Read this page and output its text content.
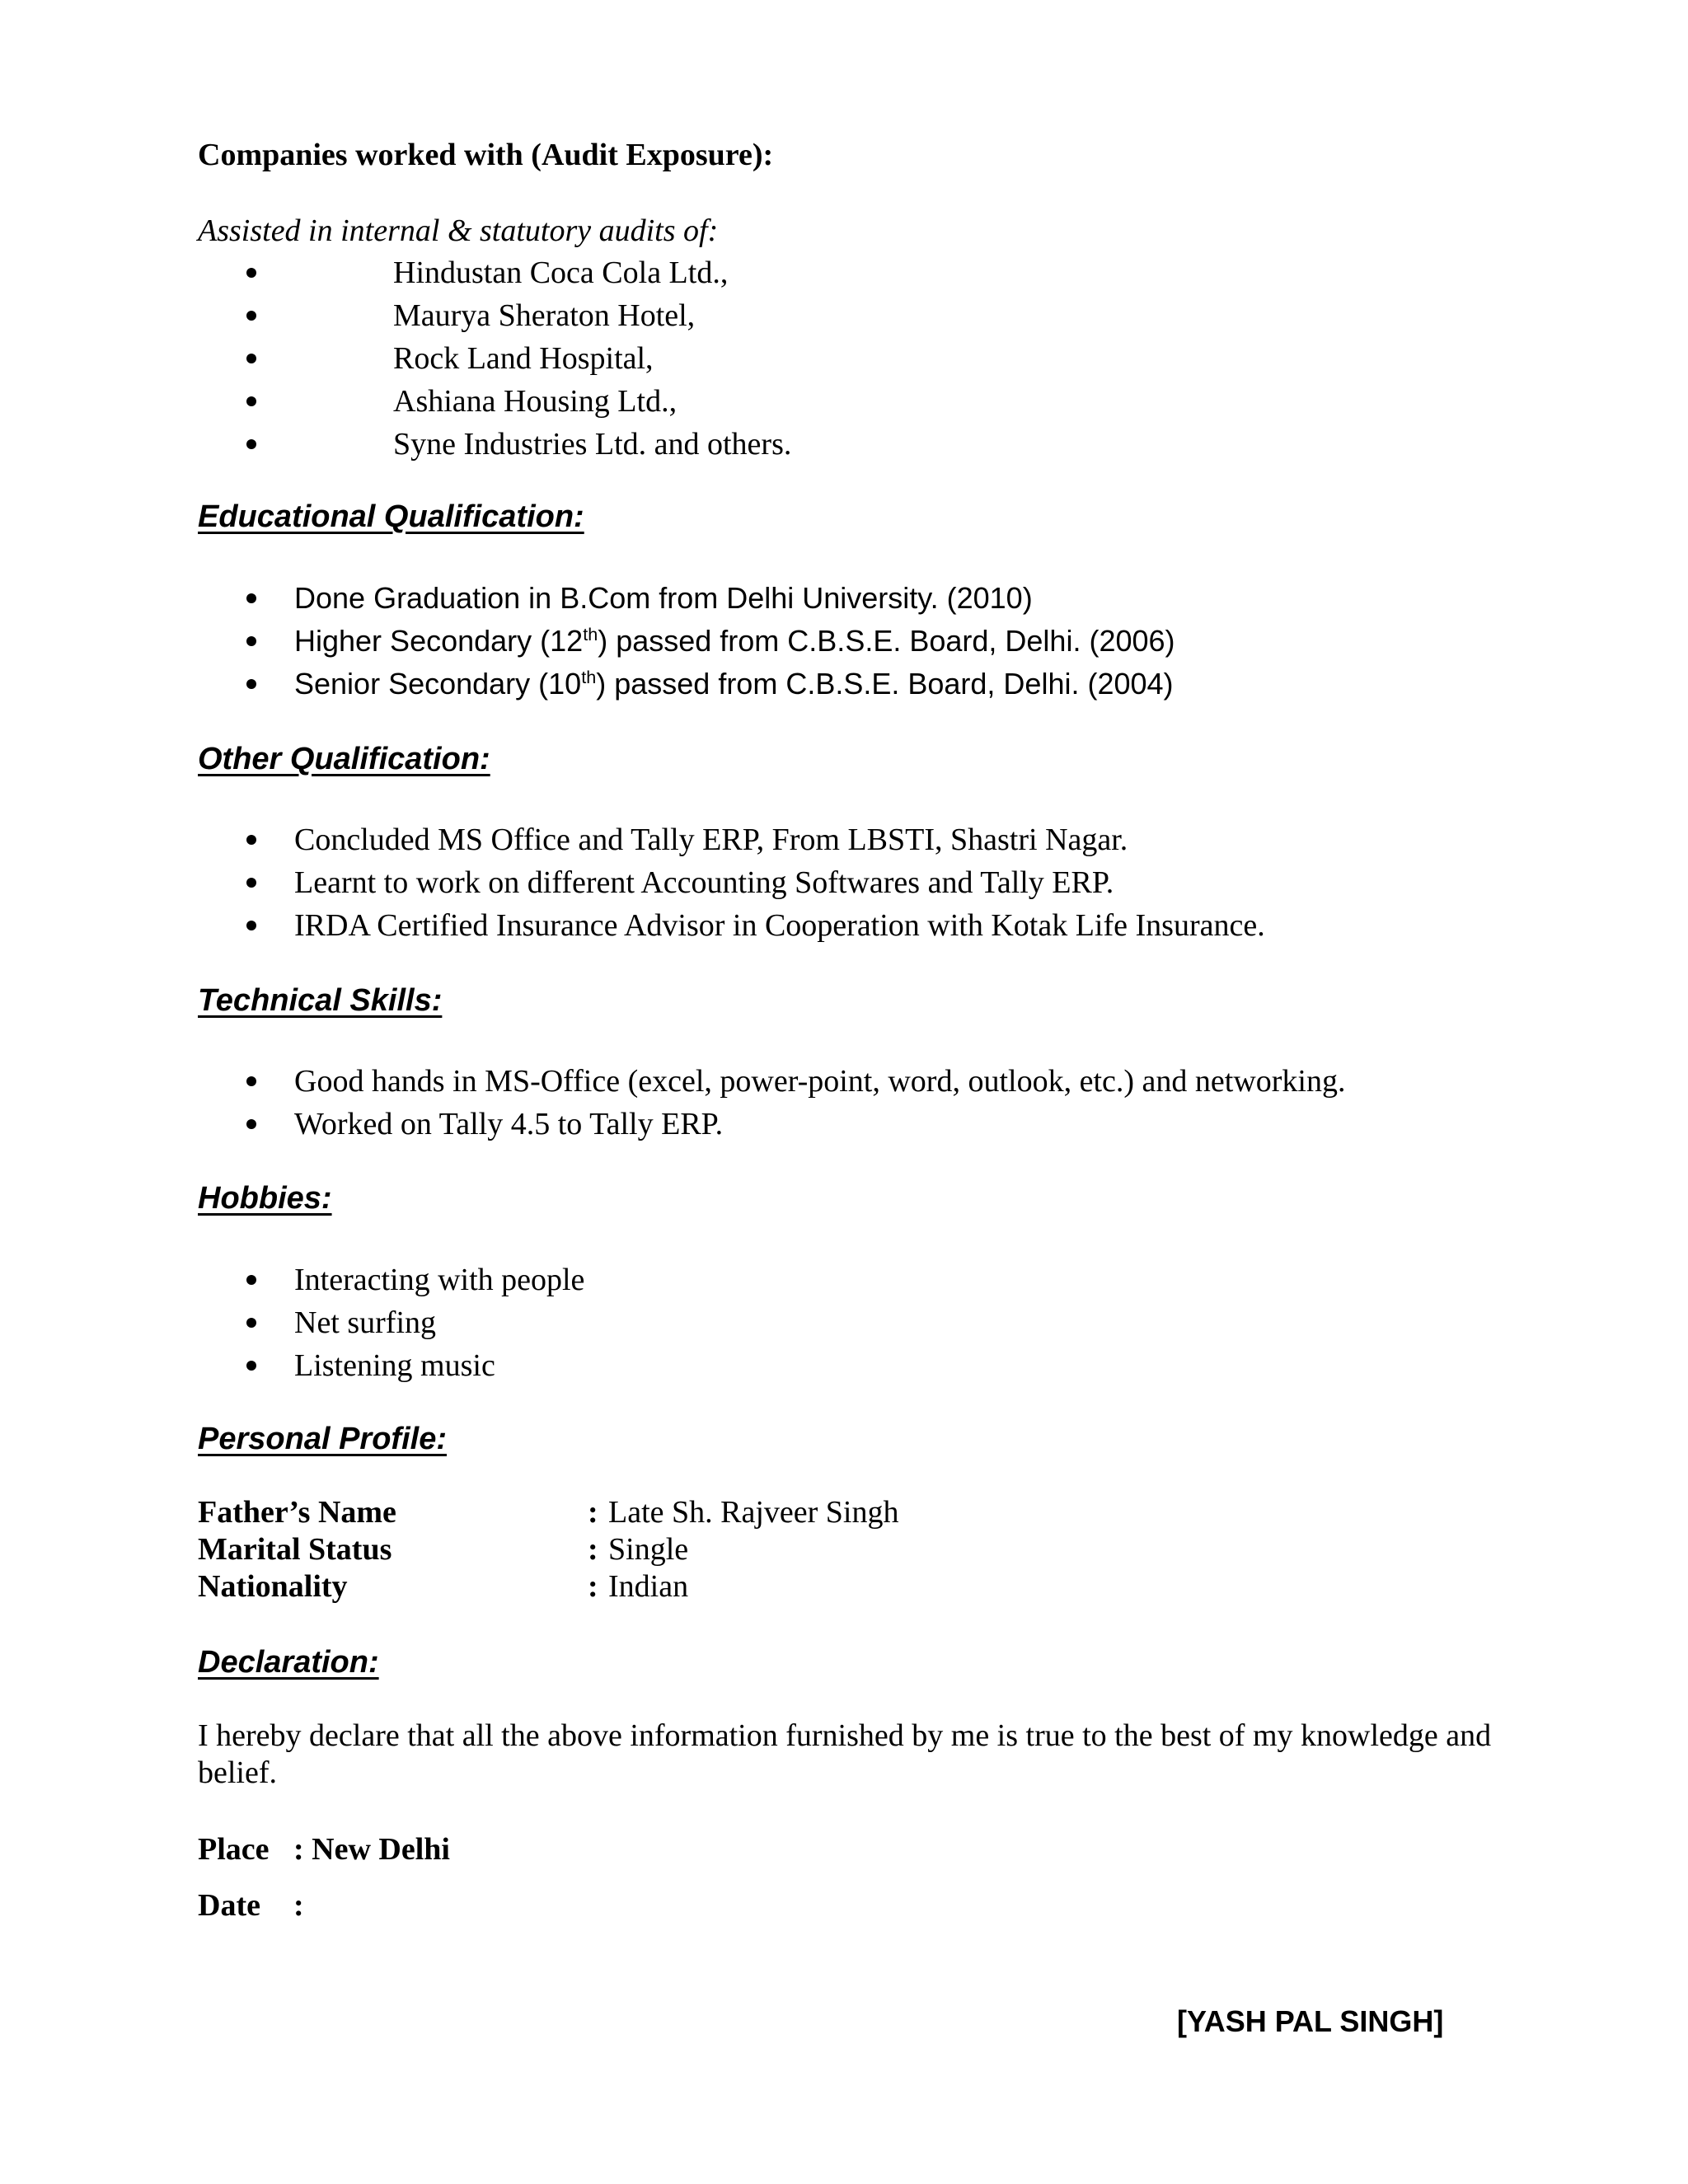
Companies worked with (Audit Exposure):
Assisted in internal & statutory audits of:
Hindustan Coca Cola Ltd.,
Maurya Sheraton Hotel,
Rock Land Hospital,
Ashiana Housing Ltd.,
Syne Industries Ltd. and others.
Educational Qualification:
Done Graduation in B.Com from Delhi University. (2010)
Higher Secondary (12th) passed from C.B.S.E. Board, Delhi. (2006)
Senior Secondary (10th) passed from C.B.S.E. Board, Delhi. (2004)
Other Qualification:
Concluded MS Office and Tally ERP, From LBSTI, Shastri Nagar.
Learnt to work on different Accounting Softwares and Tally ERP.
IRDA Certified Insurance Advisor in Cooperation with Kotak Life Insurance.
Technical Skills:
Good hands in MS-Office (excel, power-point, word, outlook, etc.) and networking.
Worked on Tally 4.5 to Tally ERP.
Hobbies:
Interacting with people
Net surfing
Listening music
Personal Profile:
Father’s Name	: Late Sh. Rajveer Singh
Marital Status	: Single
Nationality	: Indian
Declaration:
I hereby declare that all the above information furnished by me is true to the best of my knowledge and belief.
Place : New Delhi
Date :
[YASH PAL SINGH]
